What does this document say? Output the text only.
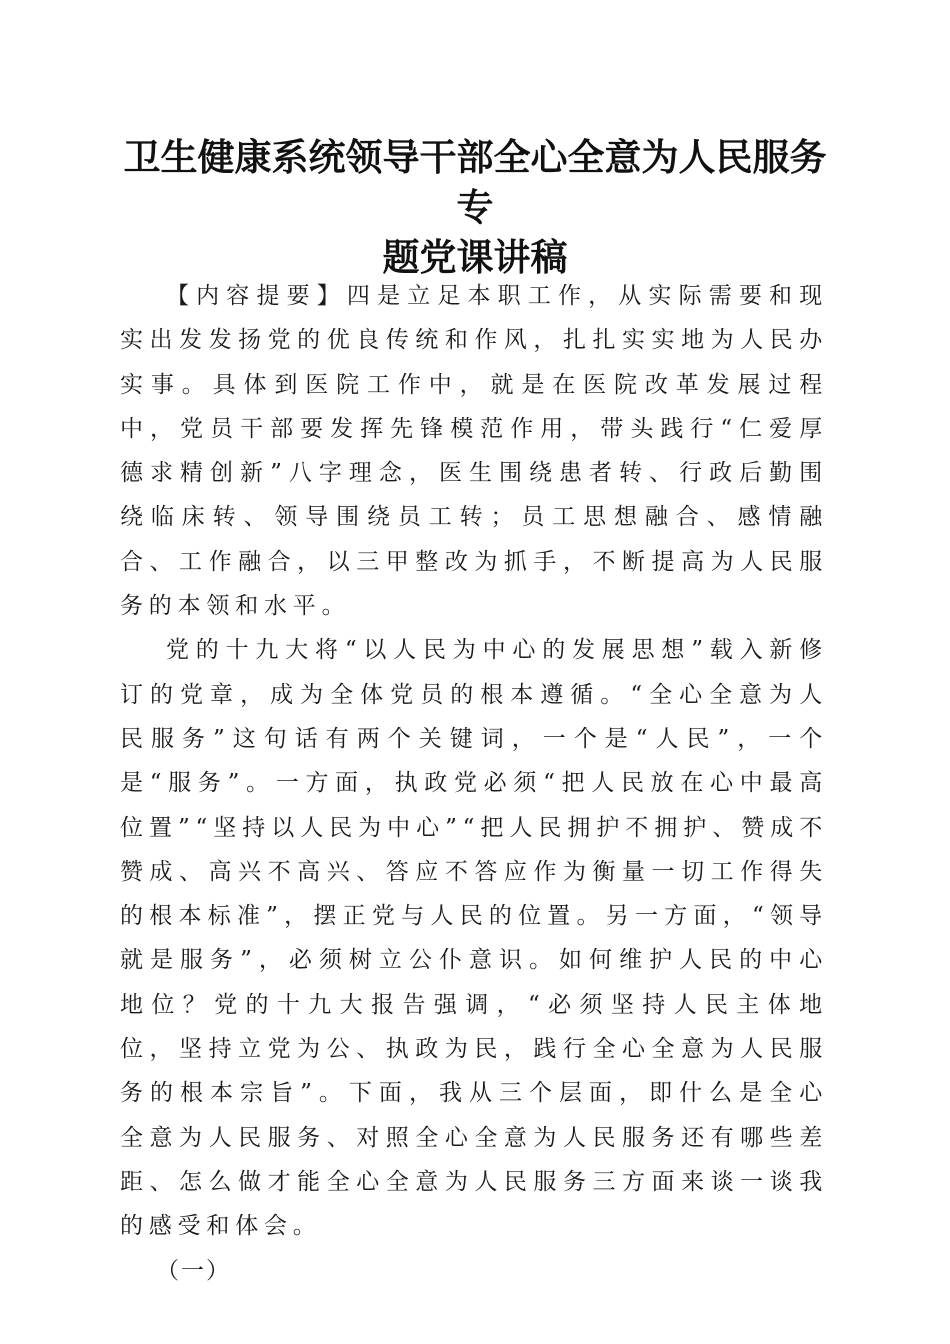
卫生健康系统领导干部全心全意为人民服务专
题党课讲稿

【内容提要】四是立足本职工作，从实际需要和现实出发发扬党的优良传统和作风，扎扎实实地为人民办实事。具体到医院工作中，就是在医院改革发展过程中，党员干部要发挥先锋模范作用，带头践行“仁爱厚德求精创新”八字理念，医生围绕患者转、行政后勤围绕临床转、领导围绕员工转；员工思想融合、感情融合、工作融合，以三甲整改为抓手，不断提高为人民服务的本领和水平。

党的十九大将“以人民为中心的发展思想”载入新修订的党章，成为全体党员的根本遵循。“全心全意为人民服务”这句话有两个关键词，一个是“人民”，一个是“服务”。一方面，执政党必须“把人民放在心中最高位置”“坚持以人民为中心”“把人民拥护不拥护、赞成不赞成、高兴不高兴、答应不答应作为衡量一切工作得失的根本标准”，摆正党与人民的位置。另一方面，“领导就是服务”，必须树立公仆意识。如何维护人民的中心地位？党的十九大报告强调，“必须坚持人民主体地位，坚持立党为公、执政为民，践行全心全意为人民服务的根本宗旨”。下面，我从三个层面，即什么是全心全意为人民服务、对照全心全意为人民服务还有哪些差距、怎么做才能全心全意为人民服务三方面来谈一谈我的感受和体会。

（一）
